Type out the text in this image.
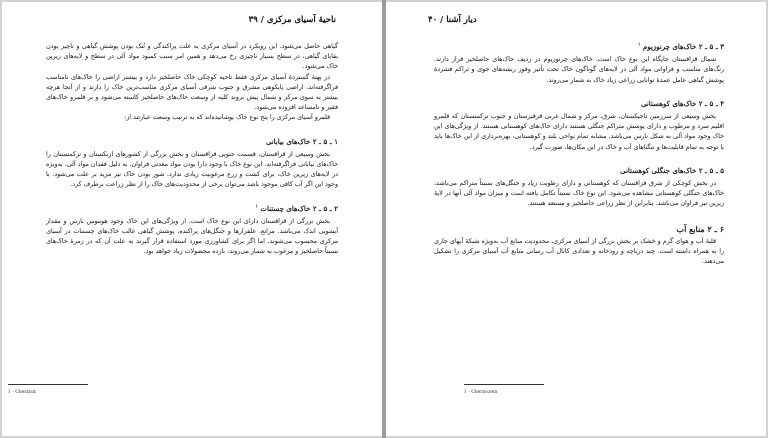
ناحیهٔ آسیای مرکزی / ۳۹

گیاهی حاصل می‌شود. این رویکرد در آسیای مرکزی به علت پراکندگی و تُنک بودن پوشش گیاهی و ناچیز بودن بقایای گیاهی، در سطح بسیار ناچیزی رخ می‌دهد و همین امر سبب کمبود مواد آلی در سطح و لایه‌های زیرین خاک می‌شود.

در پهنهٔ گستردهٔ آسیای مرکزی فقط ناحیه کوچکی خاک حاصلخیز دارد و بیشتر اراضی را خاک‌های نامناسب فراگرفته‌اند. اراضی پایکوهی مشرق و جنوب شرقی آسیای مرکزی مناسب‌ترین خاک را دارند و از آنجا هرچه بیشتر به سوی مرکز و شمال پیش بروند کلیه از وسعت خاک‌های حاصلخیز کاسته می‌شود و بر قلمرو خاک‌های فقیر و نامساعد افزوده می‌شود.

قلمرو آسیای مرکزی را پنج نوع خاک پوشانیده‌اند که به ترتیب وسعت عبارتند از:

۱ ـ ۵ ـ ۲ خاک‌های بیابانی

بخش وسیعی از قزاقستان، قسمت جنوبی قزاقستان و بخش بزرگی از کشورهای ازبکستان و ترکمنستان را خاک‌های بیابانی فراگرفته‌اند. این نوع خاک با وجود دارا بودن مواد معدنی فراوان، به دلیل فقدان مواد آلی، به‌ویژه در لایه‌های زیرین خاک، برای کشت و زرع مرغوبیت زیادی ندارد. شور بودن خاک نیز مزید بر علت می‌شود. با وجود این اگر آب کافی موجود باشد می‌توان برخی از محدودیت‌های خاک را از نظر زراعت برطرف کرد.

۲ ـ ۵ ـ ۲ خاک‌های چستنات $^۱$

بخش بزرگی از قزاقستان دارای این نوع خاک است. از ویژگی‌های این خاک وجود هوموس نارس و مقدار آبشویی اندک می‌باشد. مراتع، علفزارها و جنگل‌های پراکنده، پوشش گیاهی غالب خاک‌های چستنات در آسیای مرکزی محسوب می‌شوند، اما اگر برای کشاورزی مورد استفاده قرار گیرند به علت آن که در زمرهٔ خاک‌های نسبتاً حاصلخیز و مرغوب به شمار می‌روند، بازده محصولات زیاد خواهد بود.

1 - Chestnut
۴۰ / دیار آشنا
۳ ـ ۵ ـ ۲ خاک‌های چرنوزیوم $^۱$

شمال قزاقستان جایگاه این نوع خاک است. خاک‌های چرنوزیوم در ردیف خاک‌های حاصلخیز قرار دارند. رنگ‌های مناسب و فراوانی مواد آلی در لایه‌های گوناگون خاک تحت تأثیر وفور ریشه‌های جوی و تراکم فشردهٔ پوشش گیاهی عامل عمدهٔ توانایی زراعی زیاد خاک به شمار می‌روند.

۴ ـ ۵ ـ ۲ خاک‌های کوهستانی

بخش وسیعی از سرزمین تاجیکستان، شرق، مرکز و شمال غربی قرقیزستان و جنوب ترکمنستان که قلمرو اقلیم سرد و مرطوب و دارای پوشش متراکم جنگلی هستند دارای خاک‌های کوهستانی هستند. از ویژگی‌های این خاک وجود مواد آلی به شکل نارس می‌باشد. مشابه تمام نواحی بلند و کوهستانی، بهره‌برداری از این خاک‌ها باید با توجه به تمام قابلیت‌ها و تنگناهای آب و خاک در این مکان‌ها، صورت گیرد.

۵ ـ ۵ ـ ۲ خاک‌های جنگلی کوهستانی

در بخش کوچکی از شرق قزاقستان که کوهستانی و دارای رطوبت زیاد و جنگل‌های نسبتاً متراکم می‌باشد، خاک‌های جنگلی کوهستانی مشاهده می‌شود. این نوع خاک نسبتاً تکامل یافته است و میزان مواد آلی آنها در لایهٔ زیرین نیز فراوان می‌باشد. بنابراین از نظر زراعی حاصلخیز و مستعد هستند.

۶ ـ ۲ منابع آب

قلبهٔ آب و هوای گرم و خشک بر بخش بزرگی از آسیای مرکزی، محدودیت منابع آب به‌ویژه شبکهٔ آبهای جاری را به همراه داشته است. چند دریاچه و رودخانه و تعدادی کانال آب رسانی منابع آب آسیای مرکزی را تشکیل می‌دهند.

1 - Chernozem
